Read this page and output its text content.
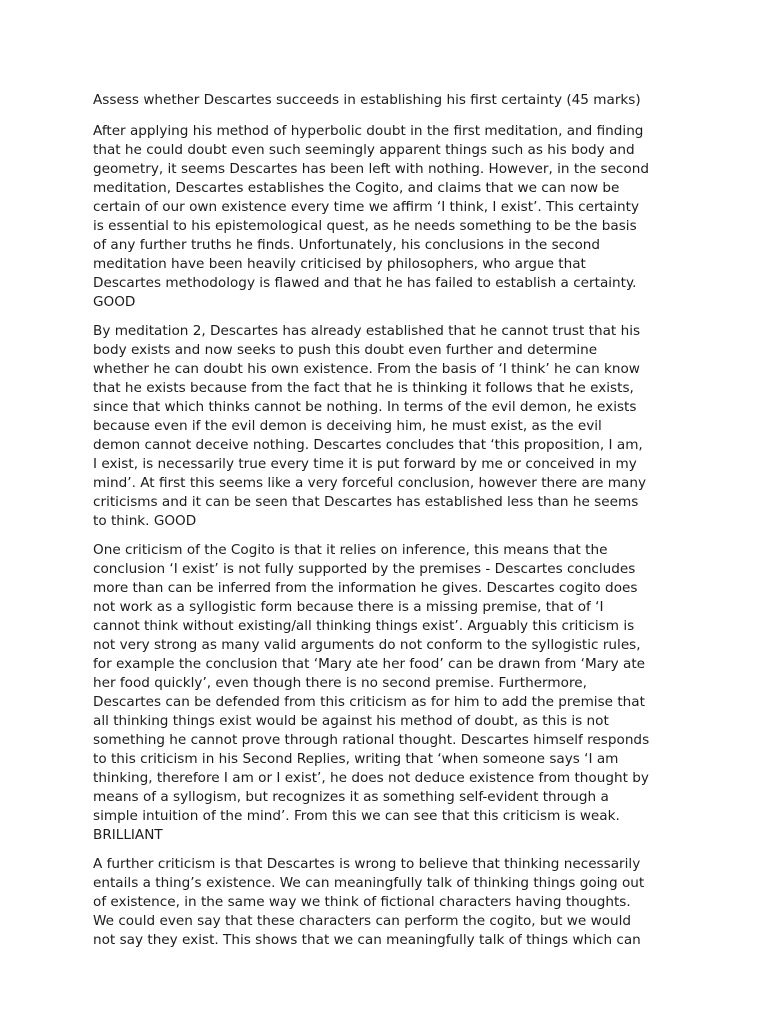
Assess whether Descartes succeeds in establishing his first certainty (45 marks)
After applying his method of hyperbolic doubt in the first meditation, and finding
that he could doubt even such seemingly apparent things such as his body and
geometry, it seems Descartes has been left with nothing. However, in the second
meditation, Descartes establishes the Cogito, and claims that we can now be
certain of our own existence every time we affirm ‘I think, I exist’. This certainty
is essential to his epistemological quest, as he needs something to be the basis
of any further truths he finds. Unfortunately, his conclusions in the second
meditation have been heavily criticised by philosophers, who argue that
Descartes methodology is flawed and that he has failed to establish a certainty.
GOOD
By meditation 2, Descartes has already established that he cannot trust that his
body exists and now seeks to push this doubt even further and determine
whether he can doubt his own existence. From the basis of ‘I think’ he can know
that he exists because from the fact that he is thinking it follows that he exists,
since that which thinks cannot be nothing. In terms of the evil demon, he exists
because even if the evil demon is deceiving him, he must exist, as the evil
demon cannot deceive nothing. Descartes concludes that ‘this proposition, I am,
I exist, is necessarily true every time it is put forward by me or conceived in my
mind’. At first this seems like a very forceful conclusion, however there are many
criticisms and it can be seen that Descartes has established less than he seems
to think. GOOD
One criticism of the Cogito is that it relies on inference, this means that the
conclusion ‘I exist’ is not fully supported by the premises - Descartes concludes
more than can be inferred from the information he gives. Descartes cogito does
not work as a syllogistic form because there is a missing premise, that of ‘I
cannot think without existing/all thinking things exist’. Arguably this criticism is
not very strong as many valid arguments do not conform to the syllogistic rules,
for example the conclusion that ‘Mary ate her food’ can be drawn from ‘Mary ate
her food quickly’, even though there is no second premise. Furthermore,
Descartes can be defended from this criticism as for him to add the premise that
all thinking things exist would be against his method of doubt, as this is not
something he cannot prove through rational thought. Descartes himself responds
to this criticism in his Second Replies, writing that ‘when someone says ‘I am
thinking, therefore I am or I exist’, he does not deduce existence from thought by
means of a syllogism, but recognizes it as something self-evident through a
simple intuition of the mind’. From this we can see that this criticism is weak.
BRILLIANT
A further criticism is that Descartes is wrong to believe that thinking necessarily
entails a thing’s existence. We can meaningfully talk of thinking things going out
of existence, in the same way we think of fictional characters having thoughts.
We could even say that these characters can perform the cogito, but we would
not say they exist. This shows that we can meaningfully talk of things which can
